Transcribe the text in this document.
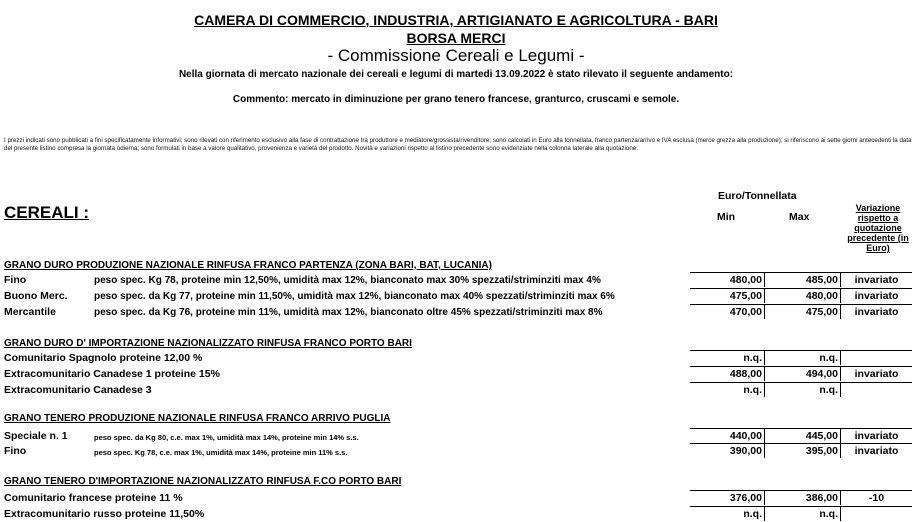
CAMERA DI COMMERCIO, INDUSTRIA, ARTIGIANATO E AGRICOLTURA - BARI
BORSA MERCI
- Commissione Cereali e Legumi -
Nella giornata di mercato nazionale dei cereali e legumi di martedi 13.09.2022 è stato rilevato il seguente andamento:
Commento: mercato in diminuzione per grano tenero francese, granturco, cruscami e semole.
I prezzi indicati sono pubblicati a fini specificatamente informativi; sono rilevati con riferimento esclusivo alla fase di contrattazione tra produttore e mediatore/grossista/rivenditore; sono calcolati in Euro alla tonnellata, franco partenza/arrivo e IVA esclusa (merce grezza alla produzione); si riferiscono ai sette giorni antecedenti la data del presente listino compresa la giornata odierna; sono formulati in base a valore qualitativo, provenienza e varietà del prodotto. Novità e variazioni rispetto al listino precedente sono evidenziate nella colonna laterale alla quotazione.
CEREALI :
Euro/Tonnellata
Min	Max
Variazione rispetto a quotazione precedente (in Euro)
GRANO DURO PRODUZIONE NAZIONALE RINFUSA FRANCO PARTENZA (ZONA BARI, BAT, LUCANIA)
Fino	peso spec. Kg 78, proteine min 12,50%, umidità max 12%, bianconato max 30% spezzati/striminziti max 4%	480,00	485,00	invariato
Buono Merc.	peso spec. da Kg 77, proteine min 11,50%, umidità max 12%, bianconato max 40% spezzati/striminziti max 6%	475,00	480,00	invariato
Mercantile	peso spec. da Kg 76, proteine min 11%, umidità max 12%, bianconato oltre 45% spezzati/striminziti max 8%	470,00	475,00	invariato
GRANO DURO D' IMPORTAZIONE NAZIONALIZZATO RINFUSA FRANCO PORTO BARI
Comunitario Spagnolo proteine 12,00 %	n.q.	n.q.
Extracomunitario Canadese 1 proteine 15%	488,00	494,00	invariato
Extracomunitario Canadese 3	n.q.	n.q.
GRANO TENERO PRODUZIONE NAZIONALE RINFUSA FRANCO ARRIVO PUGLIA
Speciale n. 1	peso spec. da Kg 80, c.e. max 1%, umidità max 14%, proteine min 14% s.s.	440,00	445,00	invariato
Fino	peso spec. Kg 78, c.e. max 1%, umidità max 14%, proteine min 11% s.s.	390,00	395,00	invariato
GRANO TENERO D'IMPORTAZIONE NAZIONALIZZATO RINFUSA F.CO PORTO BARI
Comunitario francese proteine 11 %	376,00	386,00	-10
Extracomunitario russo proteine 11,50%	n.q.	n.q.
